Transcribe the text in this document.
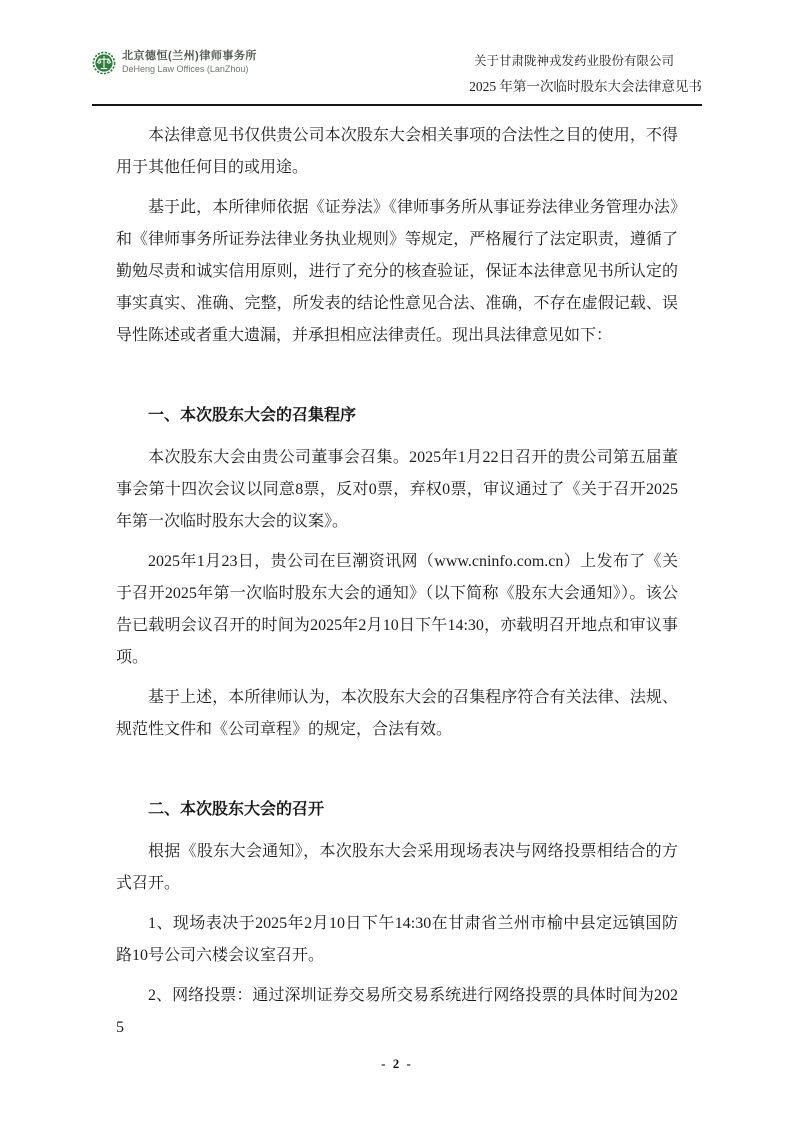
北京德恒(兰州)律师事务所
DeHeng Law Offices (LanZhou)
关于甘肃陇神戎发药业股份有限公司
2025 年第一次临时股东大会法律意见书

本法律意见书仅供贵公司本次股东大会相关事项的合法性之目的使用，不得用于其他任何目的或用途。

基于此，本所律师依据《证券法》《律师事务所从事证券法律业务管理办法》和《律师事务所证券法律业务执业规则》等规定，严格履行了法定职责，遵循了勤勉尽责和诚实信用原则，进行了充分的核查验证，保证本法律意见书所认定的事实真实、准确、完整，所发表的结论性意见合法、准确，不存在虚假记载、误导性陈述或者重大遗漏，并承担相应法律责任。现出具法律意见如下：

一、本次股东大会的召集程序

本次股东大会由贵公司董事会召集。2025年1月22日召开的贵公司第五届董事会第十四次会议以同意8票，反对0票，弃权0票，审议通过了《关于召开2025年第一次临时股东大会的议案》。

2025年1月23日，贵公司在巨潮资讯网（www.cninfo.com.cn）上发布了《关于召开2025年第一次临时股东大会的通知》（以下简称《股东大会通知》）。该公告已载明会议召开的时间为2025年2月10日下午14:30，亦载明召开地点和审议事项。

基于上述，本所律师认为，本次股东大会的召集程序符合有关法律、法规、规范性文件和《公司章程》的规定，合法有效。

二、本次股东大会的召开

根据《股东大会通知》，本次股东大会采用现场表决与网络投票相结合的方式召开。

1、现场表决于2025年2月10日下午14:30在甘肃省兰州市榆中县定远镇国防路10号公司六楼会议室召开。

2、网络投票：通过深圳证券交易所交易系统进行网络投票的具体时间为2025

- 2 -
